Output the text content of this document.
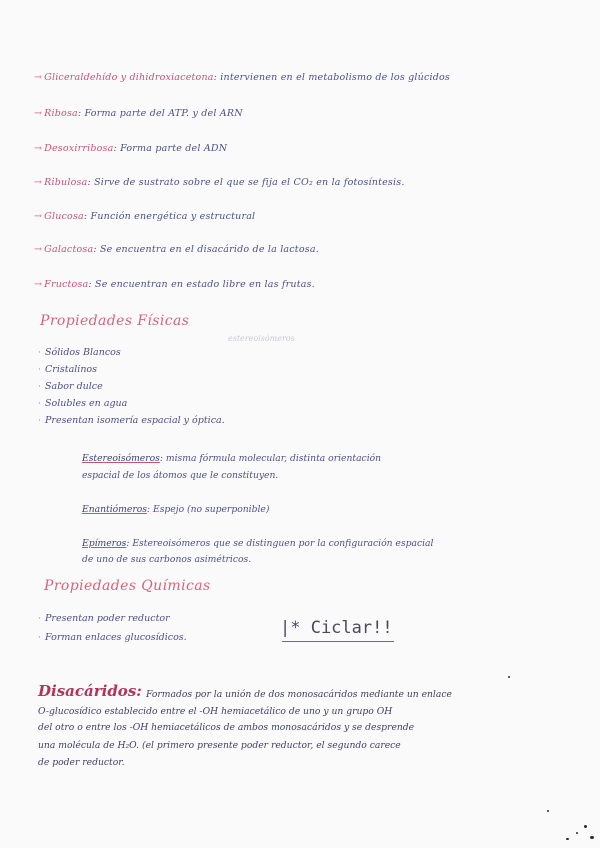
→ Gliceraldehído y dihidroxiacetona: intervienen en el metabolismo de los glúcidos
→ Ribosa: Forma parte del ATP. y del ARN
→ Desoxirribosa: Forma parte del ADN
→ Ribulosa: Sirve de sustrato sobre el que se fija el CO₂ en la fotosíntesis.
→ Glucosa: Función energética y estructural
→ Galactosa: Se encuentra en el disacárido de la lactosa.
→ Fructosa: Se encuentran en estado libre en las frutas.
Propiedades Físicas
estereoisómeros
· Sólidos Blancos
· Cristalinos
· Sabor dulce
· Solubles en agua
· Presentan isomería espacial y óptica.
Estereoisómeros: misma fórmula molecular, distinta orientación
espacial de los átomos que le constituyen.
Enantiómeros: Espejo (no superponible)
Epímeros: Estereoisómeros que se distinguen por la configuración espacial
de uno de sus carbonos asimétricos.
Propiedades Químicas
· Presentan poder reductor
· Forman enlaces glucosídicos.	|* Ciclar!!
Disacáridos: Formados por la unión de dos monosacáridos mediante un enlace
O-glucosídico establecido entre el -OH hemiacetálico de uno y un grupo OH
del otro o entre los -OH hemiacetálicos de ambos monosacáridos y se desprende
una molécula de H₂O. (el primero presente poder reductor, el segundo carece
de poder reductor.
